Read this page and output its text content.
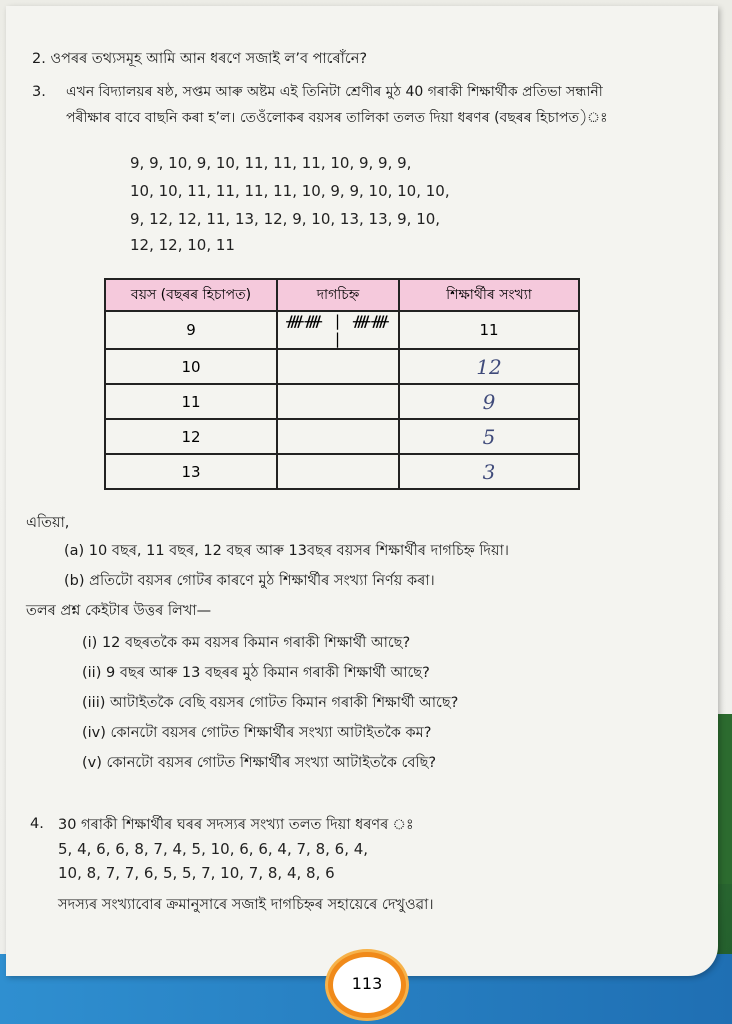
2. ওপৰৰ তথ্যসমূহ আমি আন ধৰণে সজাই ল’ব পাৰোঁনে?
3. এখন বিদ্যালয়ৰ ষষ্ঠ, সপ্তম আৰু অষ্টম এই তিনিটা শ্ৰেণীৰ মুঠ 40 গৰাকী শিক্ষাৰ্থীক প্ৰতিভা সন্ধানী
পৰীক্ষাৰ বাবে বাছনি কৰা হ’ল। তেওঁলোকৰ বয়সৰ তালিকা তলত দিয়া ধৰণৰ (বছৰৰ হিচাপত)ঃ
9, 9, 10, 9, 10, 11, 11, 11, 10, 9, 9, 9,
10, 10, 11, 11, 11, 11, 10, 9, 9, 10, 10, 10,
9, 12, 12, 11, 13, 12, 9, 10, 13, 13, 9, 10,
12, 12, 10, 11
বয়স (বছৰৰ হিচাপত)	দাগচিহ্ন	শিক্ষাৰ্থীৰ সংখ্যা
9	ᚎᚎ | ᚎᚎ |	11
10		12
11		9
12		5
13		3
এতিয়া,
(a) 10 বছৰ, 11 বছৰ, 12 বছৰ আৰু 13বছৰ বয়সৰ শিক্ষাৰ্থীৰ দাগচিহ্ন দিয়া।
(b) প্ৰতিটো বয়সৰ গোটৰ কাৰণে মুঠ শিক্ষাৰ্থীৰ সংখ্যা নিৰ্ণয় কৰা।
তলৰ প্ৰশ্ন কেইটাৰ উত্তৰ লিখা—
(i) 12 বছৰতকৈ কম বয়সৰ কিমান গৰাকী শিক্ষাৰ্থী আছে?
(ii) 9 বছৰ আৰু 13 বছৰৰ মুঠ কিমান গৰাকী শিক্ষাৰ্থী আছে?
(iii) আটাইতকৈ বেছি বয়সৰ গোটত কিমান গৰাকী শিক্ষাৰ্থী আছে?
(iv) কোনটো বয়সৰ গোটত শিক্ষাৰ্থীৰ সংখ্যা আটাইতকৈ কম?
(v) কোনটো বয়সৰ গোটত শিক্ষাৰ্থীৰ সংখ্যা আটাইতকৈ বেছি?
4. 30 গৰাকী শিক্ষাৰ্থীৰ ঘৰৰ সদস্যৰ সংখ্যা তলত দিয়া ধৰণৰ ঃ
5, 4, 6, 6, 8, 7, 4, 5, 10, 6, 6, 4, 7, 8, 6, 4,
10, 8, 7, 7, 6, 5, 5, 7, 10, 7, 8, 4, 8, 6
সদস্যৰ সংখ্যাবোৰ ক্ৰমানুসাৰে সজাই দাগচিহ্নৰ সহায়েৰে দেখুওৱা।
113
